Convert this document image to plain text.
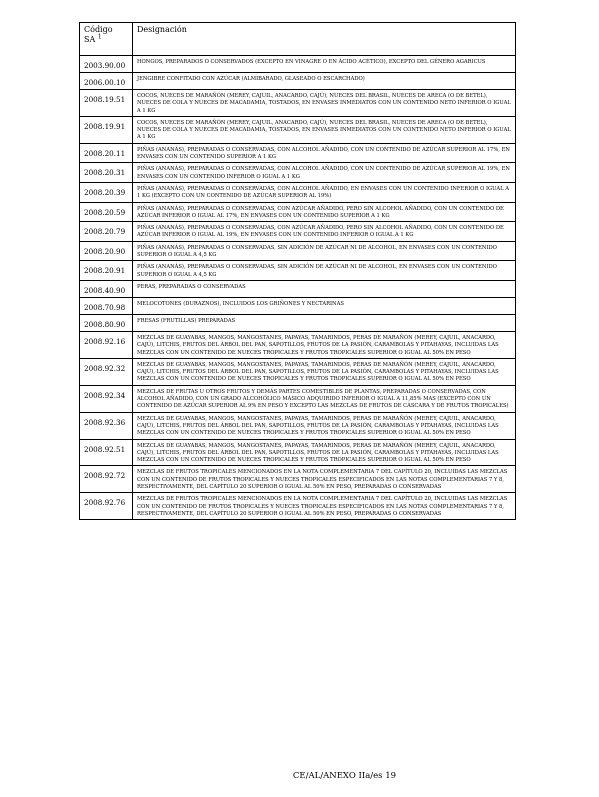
Código
SA $^1$	Designación
2003.90.00	HONGOS, PREPARADOS O CONSERVADOS (EXCEPTO EN VINAGRE O EN ÁCIDO ACÉTICO), EXCEPTO DEL GÉNERO AGARICUS
2006.00.10	JENGIBRE CONFITADO CON AZÚCAR (ALMIBARADO, GLASEADO O ESCARCHADO)
2008.19.51	COCOS, NUECES DE MARAÑÓN (MEREY, CAJUIL, ANACARDO, CAJÚ), NUECES DEL BRASIL, NUECES DE ARECA (O DE BETEL), NUECES DE COLA Y NUECES DE MACADAMIA, TOSTADOS, EN ENVASES INMEDIATOS CON UN CONTENIDO NETO INFERIOR O IGUAL A 1 KG
2008.19.91	COCOS, NUECES DE MARAÑÓN (MEREY, CAJUIL, ANACARDO, CAJÚ), NUECES DEL BRASIL, NUECES DE ARECA (O DE BETEL), NUECES DE COLA Y NUECES DE MACADAMIA, TOSTADOS, EN ENVASES INMEDIATOS CON UN CONTENIDO NETO INFERIOR O IGUAL A 1 KG
2008.20.11	PIÑAS (ANANÁS), PREPARADAS O CONSERVADAS, CON ALCOHOL AÑADIDO, CON UN CONTENIDO DE AZÚCAR SUPERIOR AL 17%, EN ENVASES CON UN CONTENIDO SUPERIOR A 1 KG
2008.20.31	PIÑAS (ANANÁS), PREPARADAS O CONSERVADAS, CON ALCOHOL AÑADIDO, CON UN CONTENIDO DE AZÚCAR SUPERIOR AL 19%, EN ENVASES CON UN CONTENIDO INFERIOR O IGUAL A 1 KG
2008.20.39	PIÑAS (ANANÁS), PREPARADAS O CONSERVADAS, CON ALCOHOL AÑADIDO, EN ENVASES CON UN CONTENIDO INFERIOR O IGUAL A 1 KG (EXCEPTO CON UN CONTENIDO DE AZÚCAR SUPERIOR AL 19%)
2008.20.59	PIÑAS (ANANÁS), PREPARADAS O CONSERVADAS, CON AZÚCAR AÑADIDO, PERO SIN ALCOHOL AÑADIDO, CON UN CONTENIDO DE AZÚCAR INFERIOR O IGUAL AL 17%, EN ENVASES CON UN CONTENIDO SUPERIOR A 1 KG
2008.20.79	PIÑAS (ANANÁS), PREPARADAS O CONSERVADAS, CON AZÚCAR AÑADIDO, PERO SIN ALCOHOL AÑADIDO, CON UN CONTENIDO DE AZÚCAR INFERIOR O IGUAL AL 19%, EN ENVASES CON UN CONTENIDO INFERIOR O IGUAL A 1 KG
2008.20.90	PIÑAS (ANANÁS), PREPARADAS O CONSERVADAS, SIN ADICIÓN DE AZÚCAR NI DE ALCOHOL, EN ENVASES CON UN CONTENIDO SUPERIOR O IGUAL A 4,5 KG
2008.20.91	PIÑAS (ANANÁS), PREPARADAS O CONSERVADAS, SIN ADICIÓN DE AZÚCAR NI DE ALCOHOL, EN ENVASES CON UN CONTENIDO SUPERIOR O IGUAL A 4,5 KG
2008.40.90	PERAS, PREPARADAS O CONSERVADAS
2008.70.98	MELOCOTONES (DURAZNOS), INCLUIDOS LOS GRIÑONES Y NECTARINAS
2008.80.90	FRESAS (FRUTILLAS) PREPARADAS
2008.92.16	MEZCLAS DE GUAYABAS, MANGOS, MANGOSTANES, PAPAYAS, TAMARINDOS, PERAS DE MARAÑÓN (MEREY, CAJUIL, ANACARDO, CAJÚ), LITCHIS, FRUTOS DEL ÁRBOL DEL PAN, SAPOTILLOS, FRUTOS DE LA PASIÓN, CARAMBOLAS Y PITAHAYAS, INCLUIDAS LAS MEZCLAS CON UN CONTENIDO DE NUECES TROPICALES Y FRUTOS TROPICALES SUPERIOR O IGUAL AL 50% EN PESO
2008.92.32	MEZCLAS DE GUAYABAS, MANGOS, MANGOSTANES, PAPAYAS, TAMARINDOS, PERAS DE MARAÑÓN (MEREY, CAJUIL, ANACARDO, CAJÚ), LITCHIS, FRUTOS DEL ÁRBOL DEL PAN, SAPOTILLOS, FRUTOS DE LA PASIÓN, CARAMBOLAS Y PITAHAYAS, INCLUIDAS LAS MEZCLAS CON UN CONTENIDO DE NUECES TROPICALES Y FRUTOS TROPICALES SUPERIOR O IGUAL AL 50% EN PESO
2008.92.34	MEZCLAS DE FRUTAS U OTROS FRUTOS Y DEMÁS PARTES COMESTIBLES DE PLANTAS, PREPARADAS O CONSERVADAS, CON ALCOHOL AÑADIDO, CON UN GRADO ALCOHÓLICO MÁSICO ADQUIRIDO INFERIOR O IGUAL A 11,85% MAS (EXCEPTO CON UN CONTENIDO DE AZÚCAR SUPERIOR AL 9% EN PESO Y EXCEPTO LAS MEZCLAS DE FRUTOS DE CÁSCARA Y DE FRUTOS TROPICALES)
2008.92.36	MEZCLAS DE GUAYABAS, MANGOS, MANGOSTANES, PAPAYAS, TAMARINDOS, PERAS DE MARAÑÓN (MEREY, CAJUIL, ANACARDO, CAJÚ), LITCHIS, FRUTOS DEL ÁRBOL DEL PAN, SAPOTILLOS, FRUTOS DE LA PASIÓN, CARAMBOLAS Y PITAHAYAS, INCLUIDAS LAS MEZCLAS CON UN CONTENIDO DE NUECES TROPICALES Y FRUTOS TROPICALES SUPERIOR O IGUAL AL 50% EN PESO
2008.92.51	MEZCLAS DE GUAYABAS, MANGOS, MANGOSTANES, PAPAYAS, TAMARINDOS, PERAS DE MARAÑÓN (MEREY, CAJUIL, ANACARDO, CAJÚ), LITCHIS, FRUTOS DEL ÁRBOL DEL PAN, SAPOTILLOS, FRUTOS DE LA PASIÓN, CARAMBOLAS Y PITAHAYAS, INCLUIDAS LAS MEZCLAS CON UN CONTENIDO DE NUECES TROPICALES Y FRUTOS TROPICALES SUPERIOR O IGUAL AL 50% EN PESO
2008.92.72	MEZCLAS DE FRUTOS TROPICALES MENCIONADOS EN LA NOTA COMPLEMENTARIA 7 DEL CAPÍTULO 20, INCLUIDAS LAS MEZCLAS CON UN CONTENIDO DE FRUTOS TROPICALES Y NUECES TROPICALES ESPECIFICADOS EN LAS NOTAS COMPLEMENTARIAS 7 Y 8, RESPECTIVAMENTE, DEL CAPÍTULO 20 SUPERIOR O IGUAL AL 50% EN PESO, PREPARADAS O CONSERVADAS
2008.92.76	MEZCLAS DE FRUTOS TROPICALES MENCIONADOS EN LA NOTA COMPLEMENTARIA 7 DEL CAPÍTULO 20, INCLUIDAS LAS MEZCLAS CON UN CONTENIDO DE FRUTOS TROPICALES Y NUECES TROPICALES ESPECIFICADOS EN LAS NOTAS COMPLEMENTARIAS 7 Y 8, RESPECTIVAMENTE, DEL CAPÍTULO 20 SUPERIOR O IGUAL AL 50% EN PESO, PREPARADAS O CONSERVADAS
CE/AL/ANEXO IIa/es 19
